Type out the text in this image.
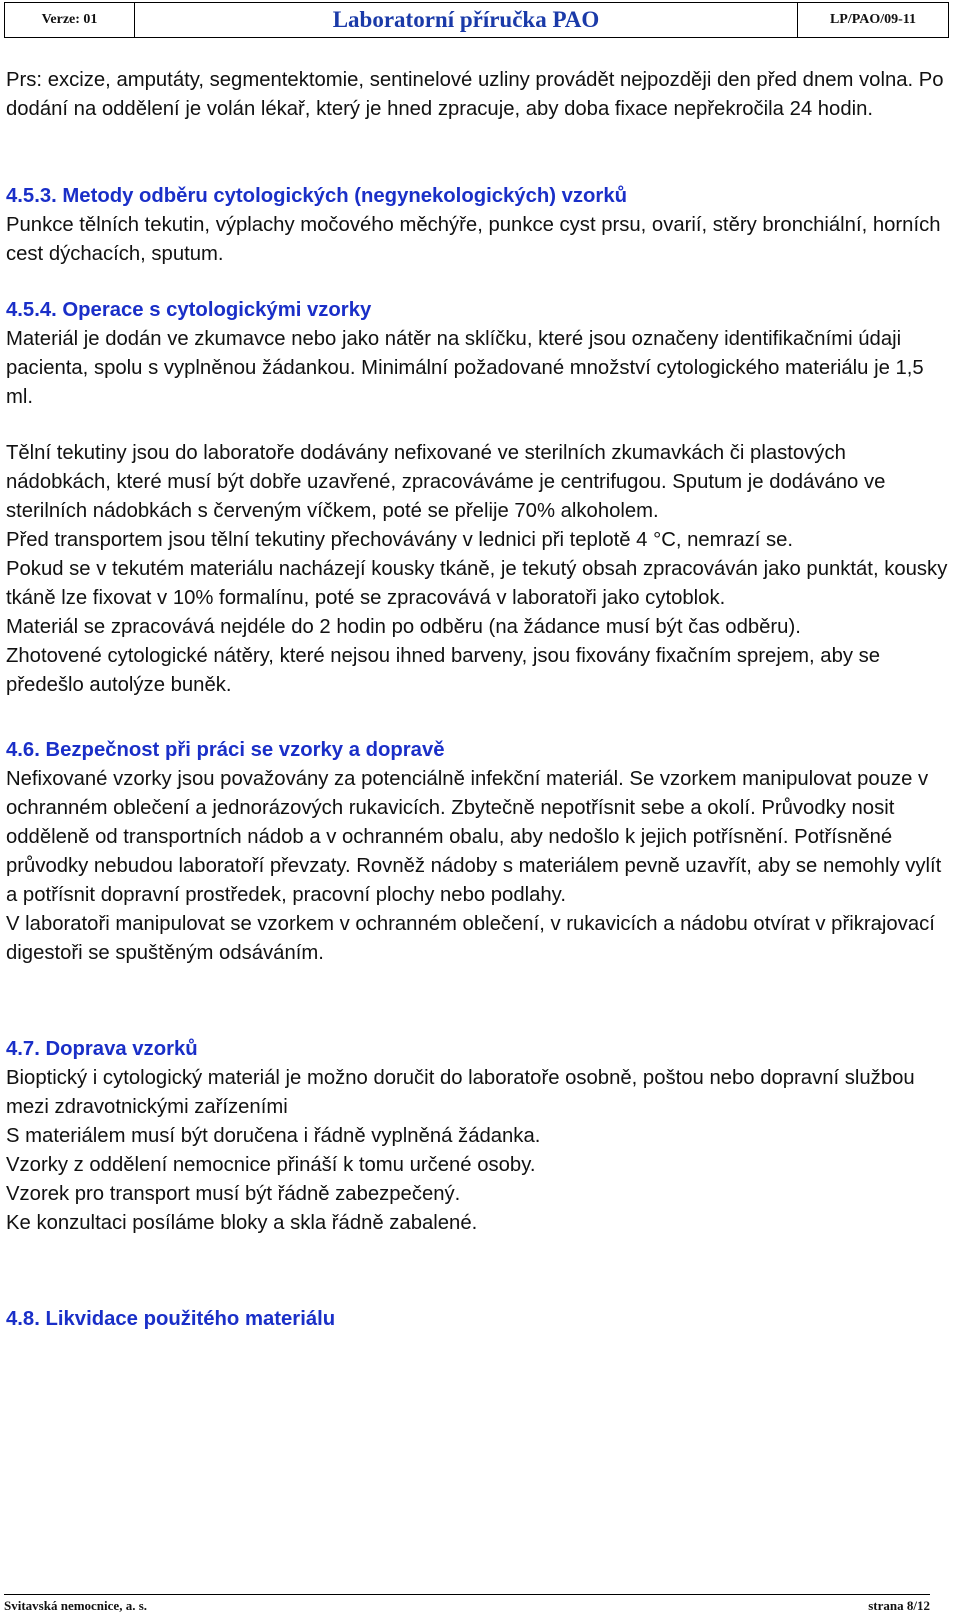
Verze: 01	Laboratorní příručka PAO	LP/PAO/09-11

Prs: excize, amputáty, segmentektomie, sentinelové uzliny provádět nejpozději den před dnem volna. Po dodání na oddělení je volán lékař, který je hned zpracuje, aby doba fixace nepřekročila 24 hodin.

4.5.3. Metody odběru cytologických (negynekologických) vzorků

Punkce tělních tekutin, výplachy močového měchýře, punkce cyst prsu, ovarií, stěry bronchiální, horních cest dýchacích, sputum.

4.5.4. Operace s cytologickými vzorky

Materiál je dodán ve zkumavce nebo jako nátěr na sklíčku, které jsou označeny identifikačními údaji pacienta, spolu s vyplněnou žádankou. Minimální požadované množství cytologického materiálu je 1,5 ml.

Tělní tekutiny jsou do laboratoře dodávány nefixované ve sterilních zkumavkách či plastových nádobkách, které musí být dobře uzavřené, zpracováváme je centrifugou. Sputum je dodáváno ve sterilních nádobkách s červeným víčkem, poté se přelije 70% alkoholem.

Před transportem jsou tělní tekutiny přechovávány v lednici při teplotě 4 °C, nemrazí se.

Pokud se v tekutém materiálu nacházejí kousky tkáně, je tekutý obsah zpracováván jako punktát, kousky tkáně lze fixovat v 10% formalínu, poté se zpracovává v laboratoři jako cytoblok.

Materiál se zpracovává nejdéle do 2 hodin po odběru (na žádance musí být čas odběru).

Zhotovené cytologické nátěry, které nejsou ihned barveny, jsou fixovány fixačním sprejem, aby se předešlo autolýze buněk.

4.6. Bezpečnost při práci se vzorky a dopravě

Nefixované vzorky jsou považovány za potenciálně infekční materiál. Se vzorkem manipulovat pouze v ochranném oblečení a jednorázových rukavicích. Zbytečně nepotřísnit sebe a okolí. Průvodky nosit odděleně od transportních nádob a v ochranném obalu, aby nedošlo k jejich potřísnění. Potřísněné průvodky nebudou laboratoří převzaty. Rovněž nádoby s materiálem pevně uzavřít, aby se nemohly vylít a potřísnit dopravní prostředek, pracovní plochy nebo podlahy.

V laboratoři manipulovat se vzorkem v ochranném oblečení, v rukavicích a nádobu otvírat v přikrajovací digestoři se spuštěným odsáváním.

4.7. Doprava vzorků

Bioptický i cytologický materiál je možno doručit do laboratoře osobně, poštou nebo dopravní službou mezi zdravotnickými zařízeními

S materiálem musí být doručena i řádně vyplněná žádanka.

Vzorky z oddělení nemocnice přináší k tomu určené osoby.

Vzorek pro transport musí být řádně zabezpečený.

Ke konzultaci posíláme bloky a skla řádně zabalené.

4.8. Likvidace použitého materiálu

Svitavská nemocnice, a. s.	strana 8/12
